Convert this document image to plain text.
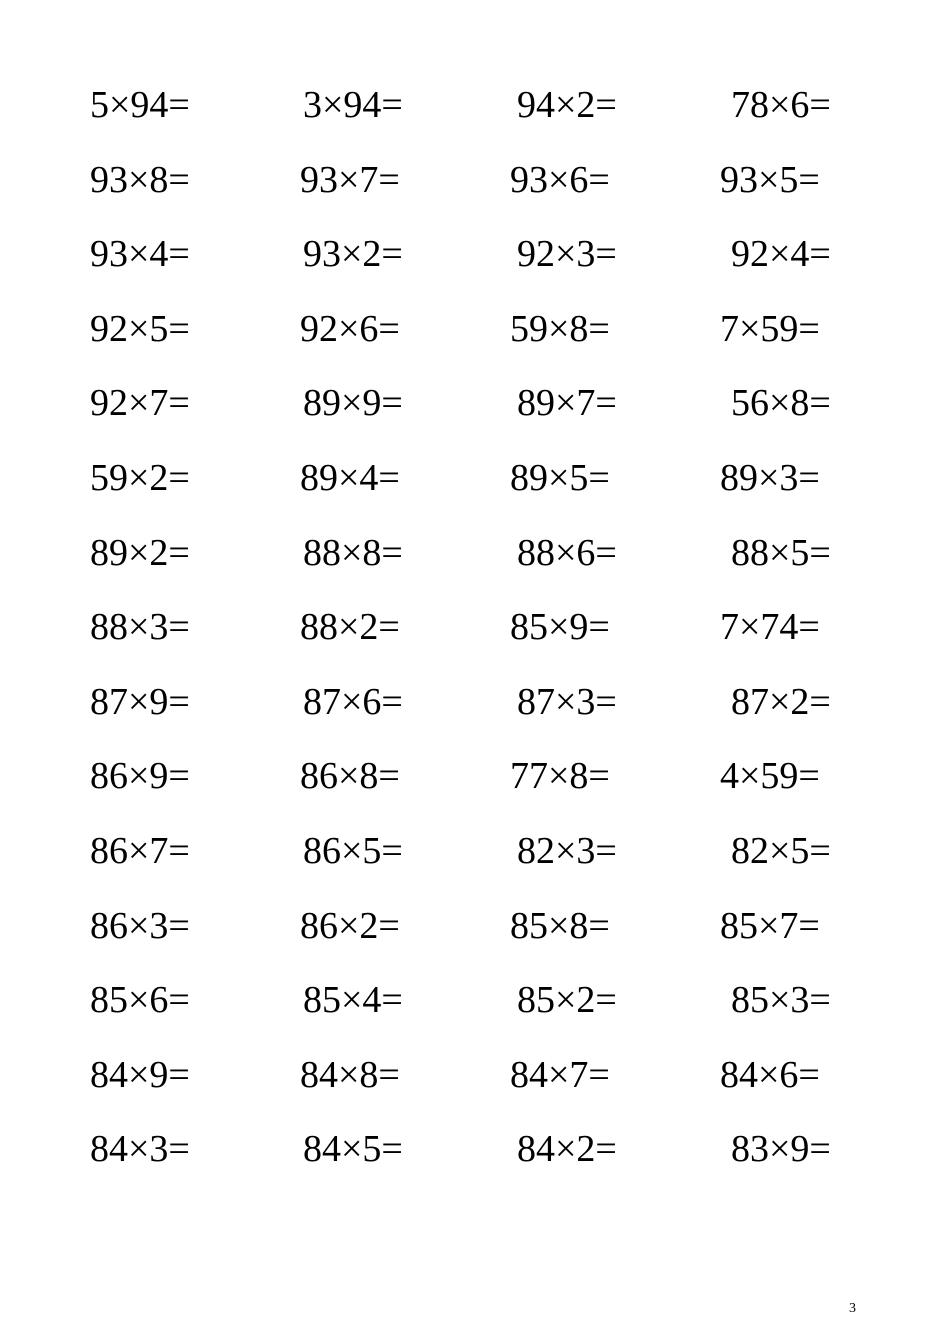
5×94=	3×94=	94×2=	78×6=
93×8=	93×7=	93×6=	93×5=
93×4=	93×2=	92×3=	92×4=
92×5=	92×6=	59×8=	7×59=
92×7=	89×9=	89×7=	56×8=
59×2=	89×4=	89×5=	89×3=
89×2=	88×8=	88×6=	88×5=
88×3=	88×2=	85×9=	7×74=
87×9=	87×6=	87×3=	87×2=
86×9=	86×8=	77×8=	4×59=
86×7=	86×5=	82×3=	82×5=
86×3=	86×2=	85×8=	85×7=
85×6=	85×4=	85×2=	85×3=
84×9=	84×8=	84×7=	84×6=
84×3=	84×5=	84×2=	83×9=
3
